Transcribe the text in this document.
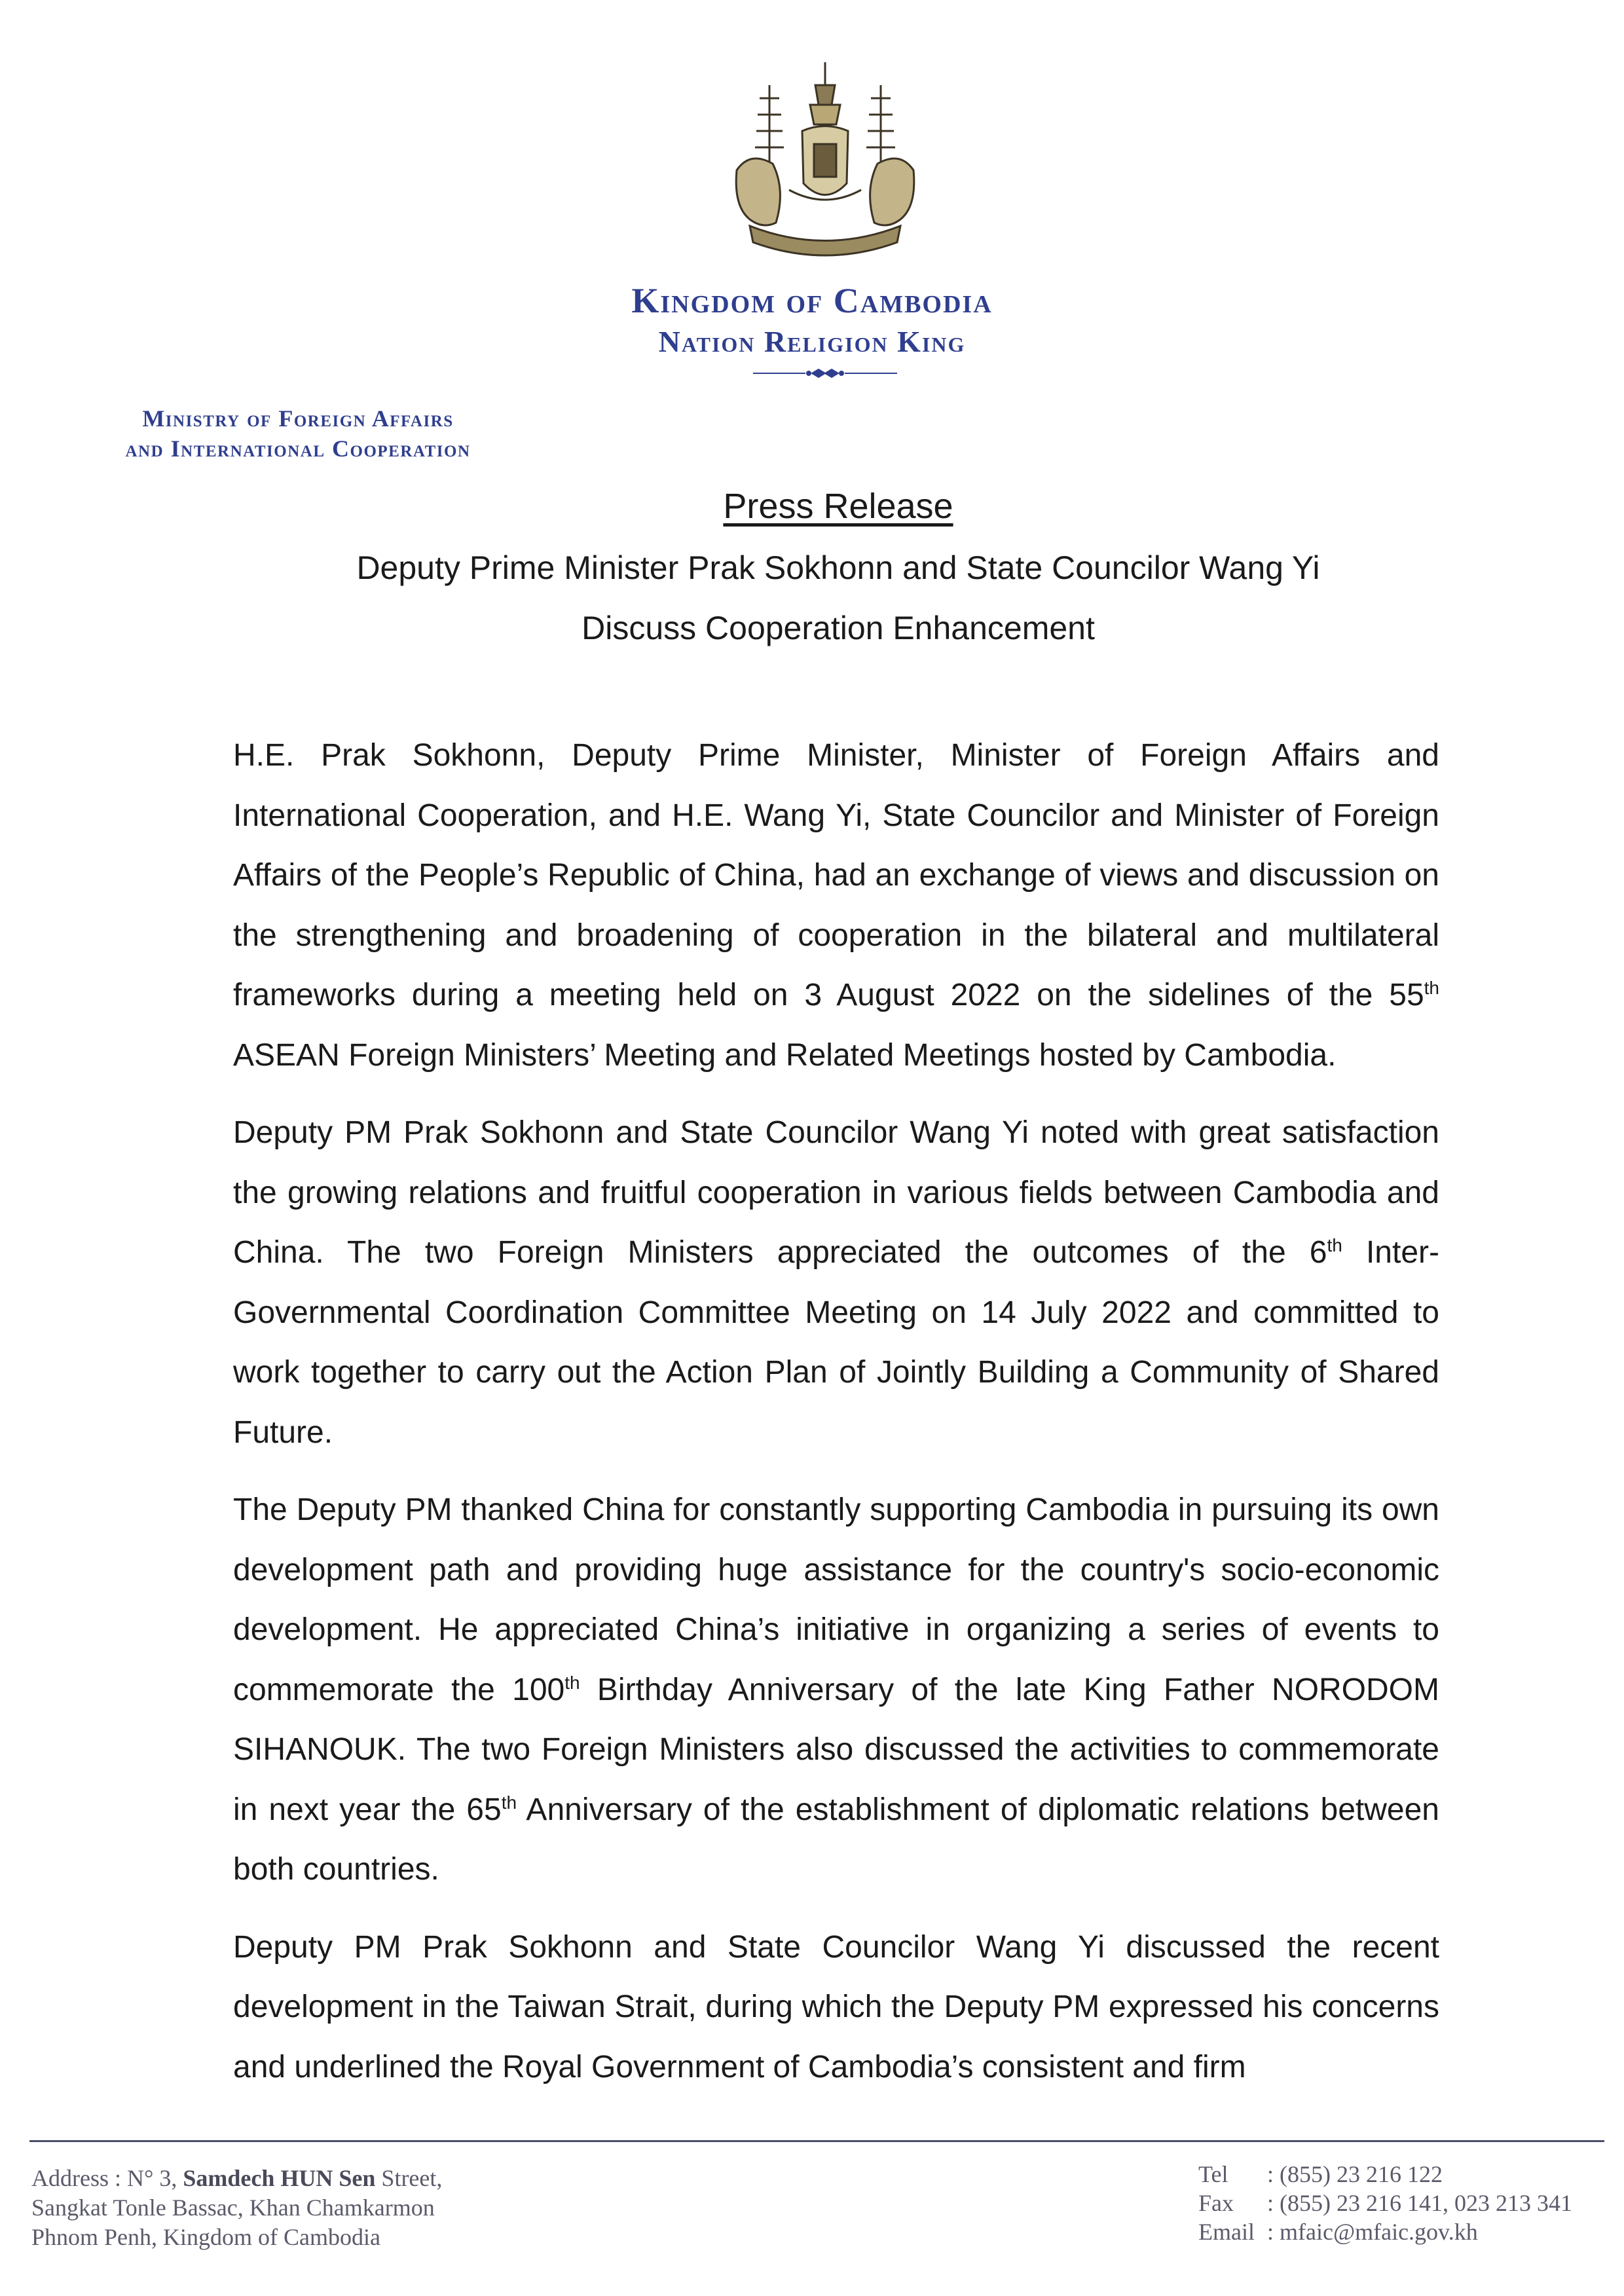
Kingdom of Cambodia
Nation Religion King
Ministry of Foreign Affairs
and International Cooperation
Press Release
Deputy Prime Minister Prak Sokhonn and State Councilor Wang Yi
Discuss Cooperation Enhancement

H.E. Prak Sokhonn, Deputy Prime Minister, Minister of Foreign Affairs and International Cooperation, and H.E. Wang Yi, State Councilor and Minister of Foreign Affairs of the People’s Republic of China, had an exchange of views and discussion on the strengthening and broadening of cooperation in the bilateral and multilateral frameworks during a meeting held on 3 August 2022 on the sidelines of the 55th ASEAN Foreign Ministers’ Meeting and Related Meetings hosted by Cambodia.

Deputy PM Prak Sokhonn and State Councilor Wang Yi noted with great satisfaction the growing relations and fruitful cooperation in various fields between Cambodia and China. The two Foreign Ministers appreciated the outcomes of the 6th Inter-Governmental Coordination Committee Meeting on 14 July 2022 and committed to work together to carry out the Action Plan of Jointly Building a Community of Shared Future.

The Deputy PM thanked China for constantly supporting Cambodia in pursuing its own development path and providing huge assistance for the country's socio-economic development. He appreciated China’s initiative in organizing a series of events to commemorate the 100th Birthday Anniversary of the late King Father NORODOM SIHANOUK. The two Foreign Ministers also discussed the activities to commemorate in next year the 65th Anniversary of the establishment of diplomatic relations between both countries.

Deputy PM Prak Sokhonn and State Councilor Wang Yi discussed the recent development in the Taiwan Strait, during which the Deputy PM expressed his concerns and underlined the Royal Government of Cambodia’s consistent and firm

Address : N° 3, Samdech HUN Sen Street,
Sangkat Tonle Bassac, Khan Chamkarmon
Phnom Penh, Kingdom of Cambodia
Tel : (855) 23 216 122
Fax : (855) 23 216 141, 023 213 341
Email : mfaic@mfaic.gov.kh
